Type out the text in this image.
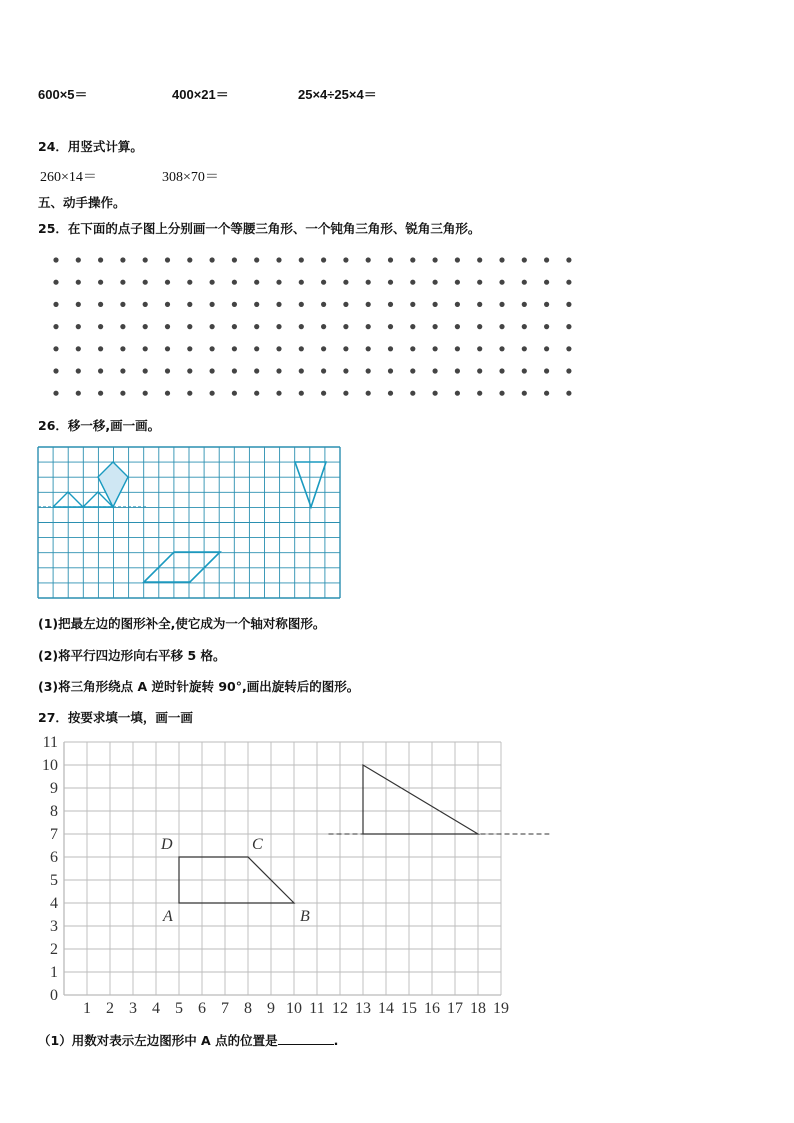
600×5＝	400×21＝	25×4÷25×4＝
24．用竖式计算。
260×14＝	308×70＝
五、动手操作。
25．在下面的点子图上分别画一个等腰三角形、一个钝角三角形、锐角三角形。
26．移一移,画一画。
(1)把最左边的图形补全,使它成为一个轴对称图形。
(2)将平行四边形向右平移 5 格。
(3)将三角形绕点 A 逆时针旋转 90°,画出旋转后的图形。
27．按要求填一填，画一画
0
1
2
3
4
5
6
7
8
9
10
11
1 2 3 4 5 6 7 8 9 10 11 12 13 14 15 16 17 18 19
A	B
C
D
（1）用数对表示左边图形中 A 点的位置是	.
